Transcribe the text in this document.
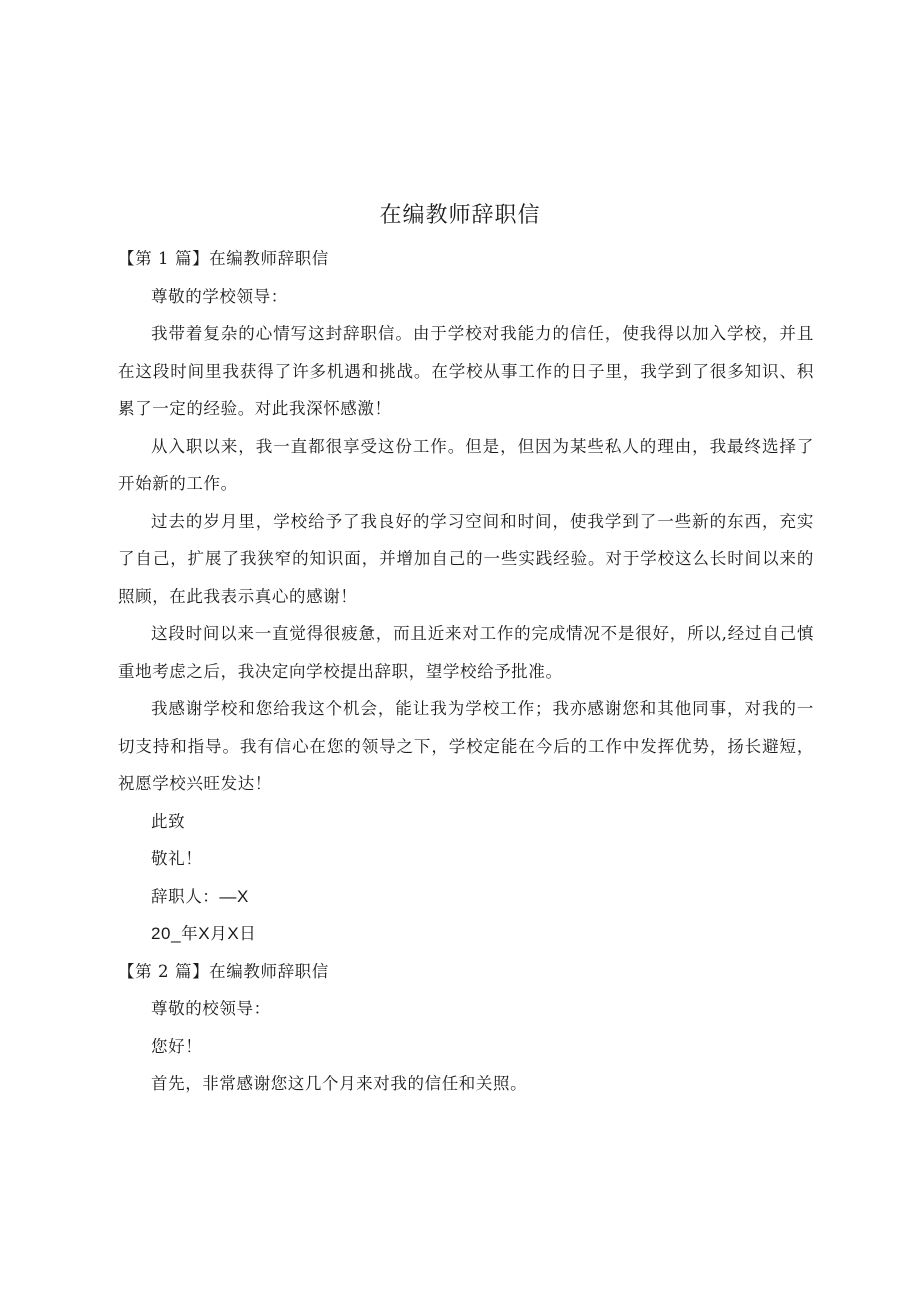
在编教师辞职信
【第 1 篇】在编教师辞职信
尊敬的学校领导：

我带着复杂的心情写这封辞职信。由于学校对我能力的信任，使我得以加入学校，并且在这段时间里我获得了许多机遇和挑战。在学校从事工作的日子里，我学到了很多知识、积累了一定的经验。对此我深怀感激！

从入职以来，我一直都很享受这份工作。但是，但因为某些私人的理由，我最终选择了开始新的工作。

过去的岁月里，学校给予了我良好的学习空间和时间，使我学到了一些新的东西，充实了自己，扩展了我狭窄的知识面，并增加自己的一些实践经验。对于学校这么长时间以来的照顾，在此我表示真心的感谢！

这段时间以来一直觉得很疲惫，而且近来对工作的完成情况不是很好，所以,经过自己慎重地考虑之后，我决定向学校提出辞职，望学校给予批准。

我感谢学校和您给我这个机会，能让我为学校工作；我亦感谢您和其他同事，对我的一切支持和指导。我有信心在您的领导之下，学校定能在今后的工作中发挥优势，扬长避短，祝愿学校兴旺发达！

此致
敬礼！
辞职人：—X
20_年X月X日
【第 2 篇】在编教师辞职信
尊敬的校领导：
您好！

首先，非常感谢您这几个月来对我的信任和关照。
